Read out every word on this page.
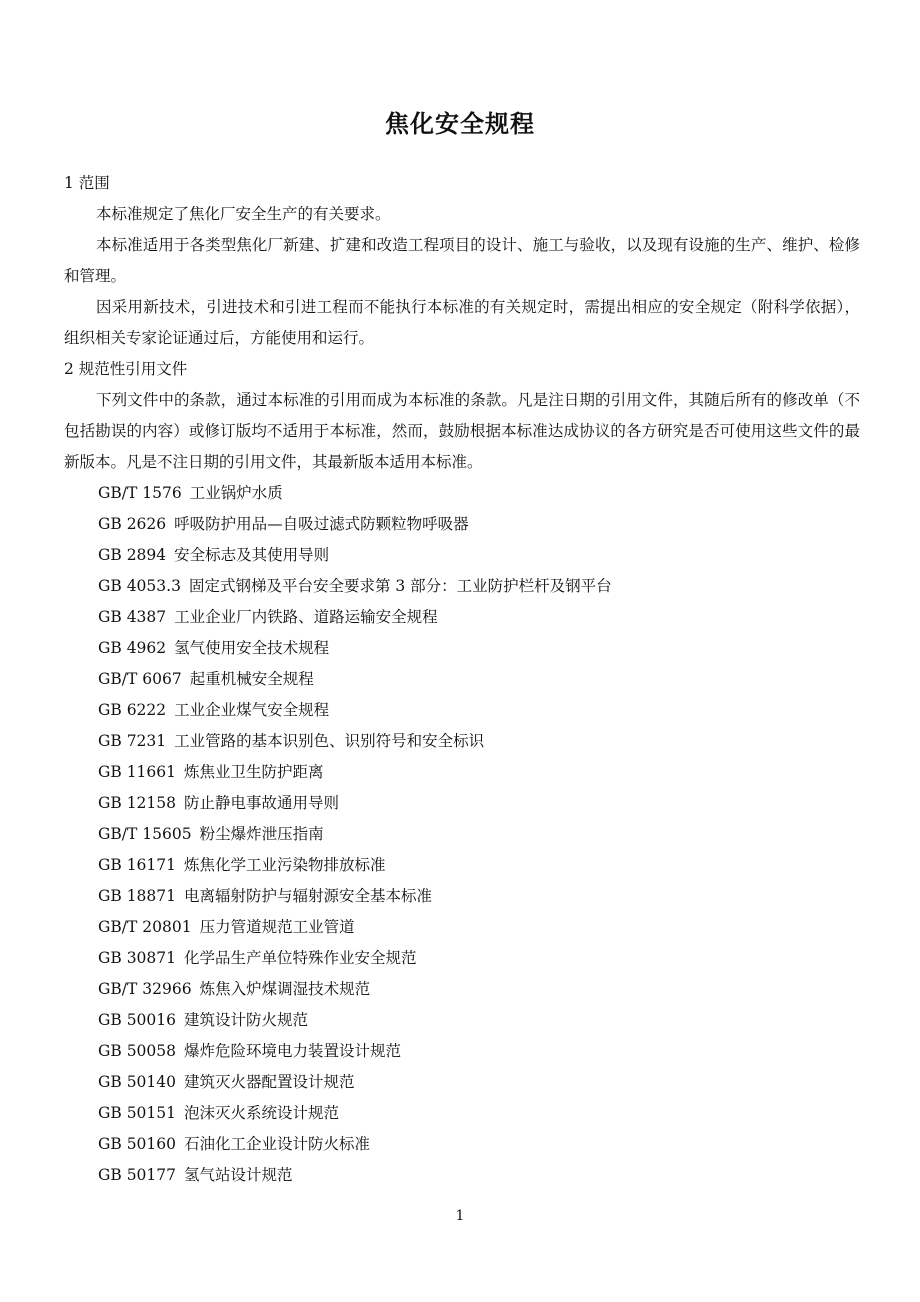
焦化安全规程

1 范围

本标准规定了焦化厂安全生产的有关要求。

本标准适用于各类型焦化厂新建、扩建和改造工程项目的设计、施工与验收，以及现有设施的生产、维护、检修和管理。

因采用新技术，引进技术和引进工程而不能执行本标准的有关规定时，需提出相应的安全规定（附科学依据），组织相关专家论证通过后，方能使用和运行。

2 规范性引用文件

下列文件中的条款，通过本标准的引用而成为本标准的条款。凡是注日期的引用文件，其随后所有的修改单（不包括勘误的内容）或修订版均不适用于本标准，然而，鼓励根据本标准达成协议的各方研究是否可使用这些文件的最新版本。凡是不注日期的引用文件，其最新版本适用本标准。

GB/T 1576 工业锅炉水质
GB 2626 呼吸防护用品—自吸过滤式防颗粒物呼吸器
GB 2894 安全标志及其使用导则
GB 4053.3 固定式钢梯及平台安全要求第 3 部分：工业防护栏杆及钢平台
GB 4387 工业企业厂内铁路、道路运输安全规程
GB 4962 氢气使用安全技术规程
GB/T 6067 起重机械安全规程
GB 6222 工业企业煤气安全规程
GB 7231 工业管路的基本识别色、识别符号和安全标识
GB 11661 炼焦业卫生防护距离
GB 12158 防止静电事故通用导则
GB/T 15605 粉尘爆炸泄压指南
GB 16171 炼焦化学工业污染物排放标准
GB 18871 电离辐射防护与辐射源安全基本标准
GB/T 20801 压力管道规范工业管道
GB 30871 化学品生产单位特殊作业安全规范
GB/T 32966 炼焦入炉煤调湿技术规范
GB 50016 建筑设计防火规范
GB 50058 爆炸危险环境电力装置设计规范
GB 50140 建筑灭火器配置设计规范
GB 50151 泡沫灭火系统设计规范
GB 50160 石油化工企业设计防火标准
GB 50177 氢气站设计规范
1
